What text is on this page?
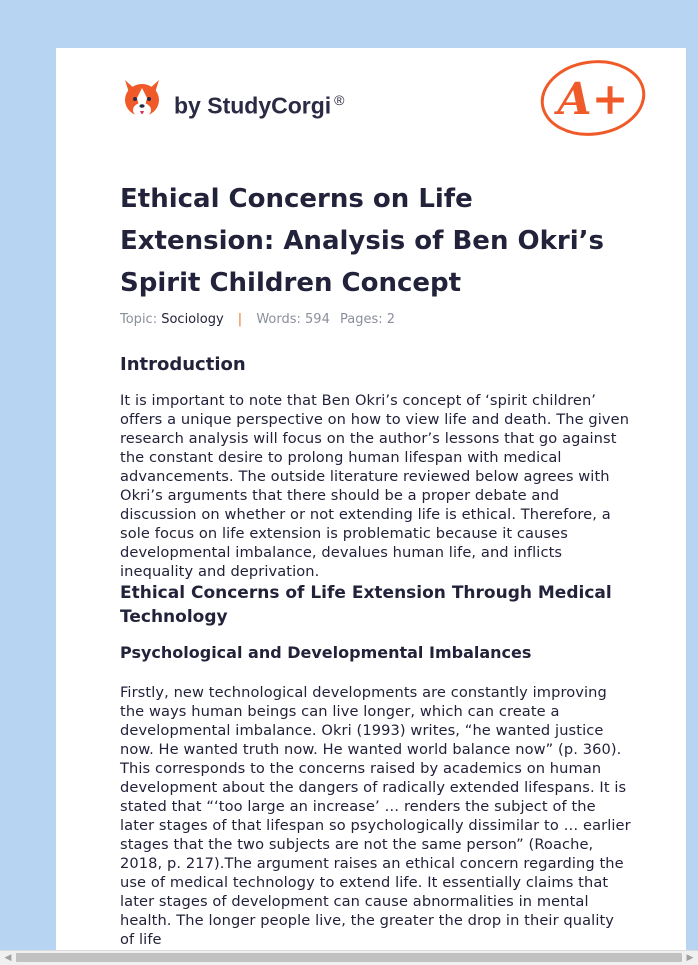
by StudyCorgi ®	A+
Ethical Concerns on Life Extension: Analysis of Ben Okri’s Spirit Children Concept
Topic: Sociology | Words: 594 Pages: 2
Introduction

It is important to note that Ben Okri’s concept of ‘spirit children’ offers a unique perspective on how to view life and death. The given research analysis will focus on the author’s lessons that go against the constant desire to prolong human lifespan with medical advancements. The outside literature reviewed below agrees with Okri’s arguments that there should be a proper debate and discussion on whether or not extending life is ethical. Therefore, a sole focus on life extension is problematic because it causes developmental imbalance, devalues human life, and inflicts inequality and deprivation.

Ethical Concerns of Life Extension Through Medical Technology
Psychological and Developmental Imbalances

Firstly, new technological developments are constantly improving the ways human beings can live longer, which can create a developmental imbalance. Okri (1993) writes, “he wanted justice now. He wanted truth now. He wanted world balance now” (p. 360). This corresponds to the concerns raised by academics on human development about the dangers of radically extended lifespans. It is stated that “‘too large an increase’ … renders the subject of the later stages of that lifespan so psychologically dissimilar to … earlier stages that the two subjects are not the same person” (Roache, 2018, p. 217).The argument raises an ethical concern regarding the use of medical technology to extend life. It essentially claims that later stages of development can cause abnormalities in mental health. The longer people live, the greater the drop in their quality of life

◀	▶
